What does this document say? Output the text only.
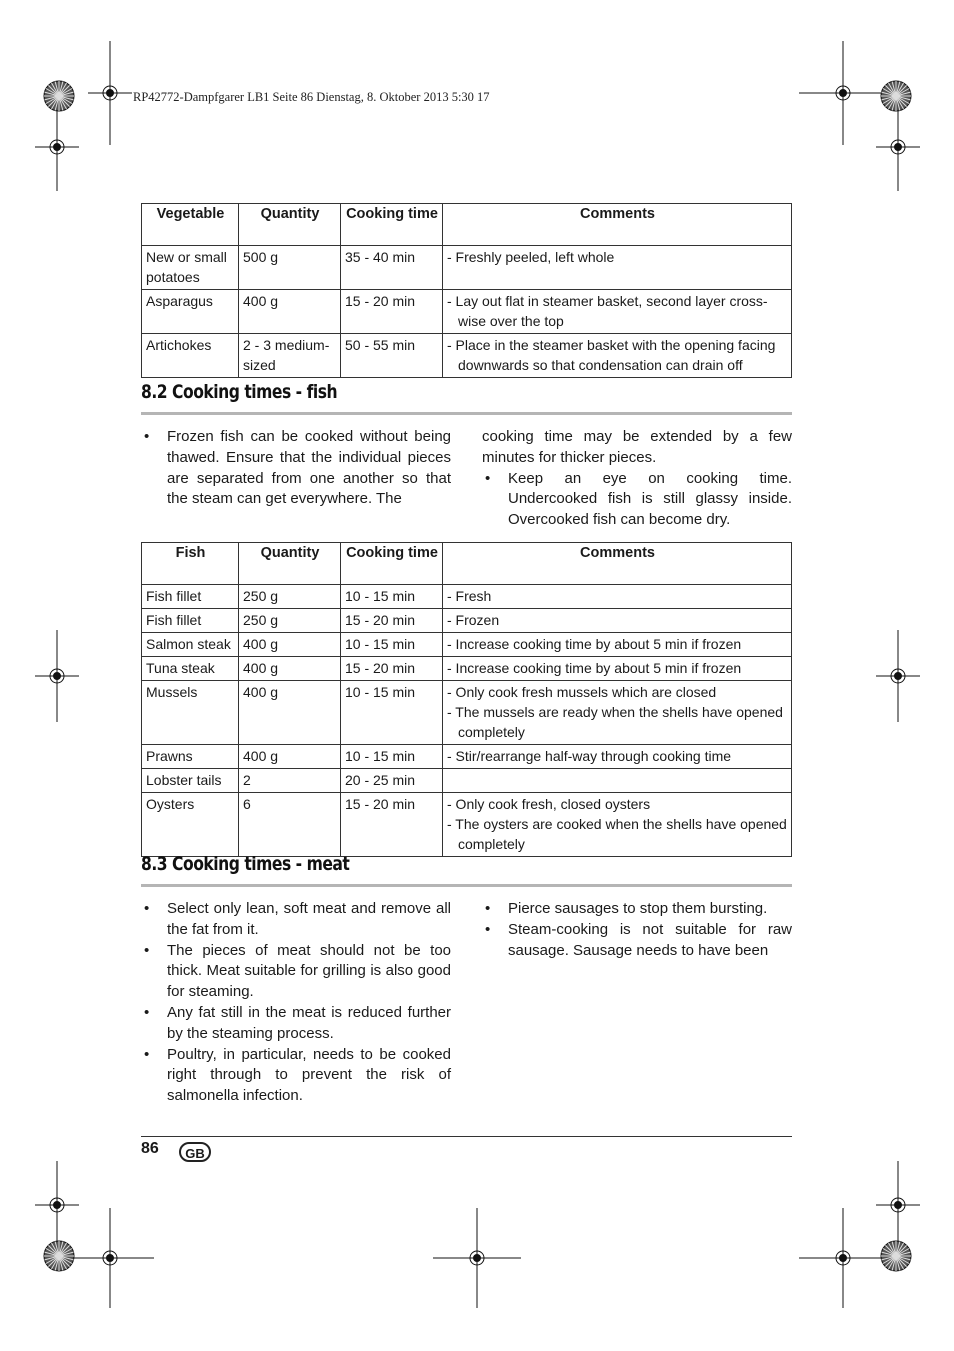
RP42772-Dampfgarer LB1 Seite 86 Dienstag, 8. Oktober 2013 5:30 17
Vegetable	Quantity	Cooking time	Comments
New or small potatoes	500 g	35 - 40 min	- Freshly peeled, left whole

Asparagus	400 g	15 - 20 min	- Lay out flat in steamer basket, second layer cross-wise over the top

Artichokes	2 - 3 medium-sized	50 - 55 min	- Place in the steamer basket with the opening facing downwards so that condensation can drain off
8.2 Cooking times - fish
• Frozen fish can be cooked without being thawed. Ensure that the individual pieces are separated from one another so that the steam can get everywhere. The
cooking time may be extended by a few minutes for thicker pieces.
• Keep an eye on cooking time. Undercooked fish is still glassy inside. Overcooked fish can become dry.
Fish	Quantity	Cooking time	Comments
Fish fillet	250 g	10 - 15 min	- Fresh

Fish fillet	250 g	15 - 20 min	- Frozen

Salmon steak	400 g	10 - 15 min	- Increase cooking time by about 5 min if frozen

Tuna steak	400 g	15 - 20 min	- Increase cooking time by about 5 min if frozen

Mussels	400 g	10 - 15 min	- Only cook fresh mussels which are closed
- The mussels are ready when the shells have opened completely

Prawns	400 g	10 - 15 min	- Stir/rearrange half-way through cooking time

Lobster tails	2	20 - 25 min	
Oysters	6	15 - 20 min	- Only cook fresh, closed oysters
- The oysters are cooked when the shells have opened completely
8.3 Cooking times - meat
• Select only lean, soft meat and remove all the fat from it.
• The pieces of meat should not be too thick. Meat suitable for grilling is also good for steaming.
• Any fat still in the meat is reduced further by the steaming process.
• Poultry, in particular, needs to be cooked right through to prevent the risk of salmonella infection.
• Pierce sausages to stop them bursting.
• Steam-cooking is not suitable for raw sausage. Sausage needs to have been
86	GB
